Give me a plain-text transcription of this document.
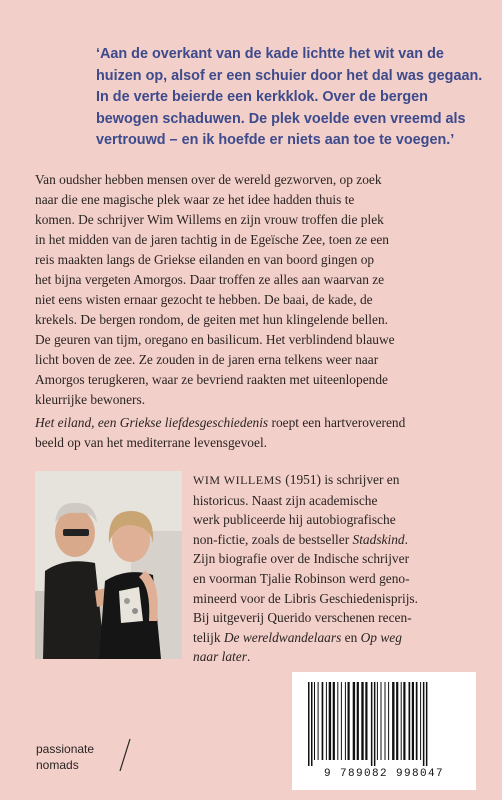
‘Aan de overkant van de kade lichtte het wit van de
huizen op, alsof er een schuier door het dal was gegaan.
In de verte beierde een kerkklok. Over de bergen
bewogen schaduwen. De plek voelde even vreemd als
vertrouwd – en ik hoefde er niets aan toe te voegen.’
Van oudsher hebben mensen over de wereld gezworven, op zoek
naar die ene magische plek waar ze het idee hadden thuis te
komen. De schrijver Wim Willems en zijn vrouw troffen die plek
in het midden van de jaren tachtig in de Egeïsche Zee, toen ze een
reis maakten langs de Griekse eilanden en van boord gingen op
het bijna vergeten Amorgos. Daar troffen ze alles aan waarvan ze
niet eens wisten ernaar gezocht te hebben. De baai, de kade, de
krekels. De bergen rondom, de geiten met hun klingelende bellen.
De geuren van tijm, oregano en basilicum. Het verblindend blauwe
licht boven de zee. Ze zouden in de jaren erna telkens weer naar
Amorgos terugkeren, waar ze bevriend raakten met uiteenlopende
kleurrijke bewoners.
Het eiland, een Griekse liefdesgeschiedenis roept een hartveroverend
beeld op van het mediterrane levensgevoel.
WIM WILLEMS (1951) is schrijver en
historicus. Naast zijn academische
werk publiceerde hij autobiografische
non-fictie, zoals de bestseller Stadskind.
Zijn biografie over de Indische schrijver
en voorman Tjalie Robinson werd geno-
mineerd voor de Libris Geschiedenisprijs.
Bij uitgeverij Querido verschenen recen-
telijk De wereldwandelaars en Op weg
naar later.
passionate
nomads
9 789082 998047
